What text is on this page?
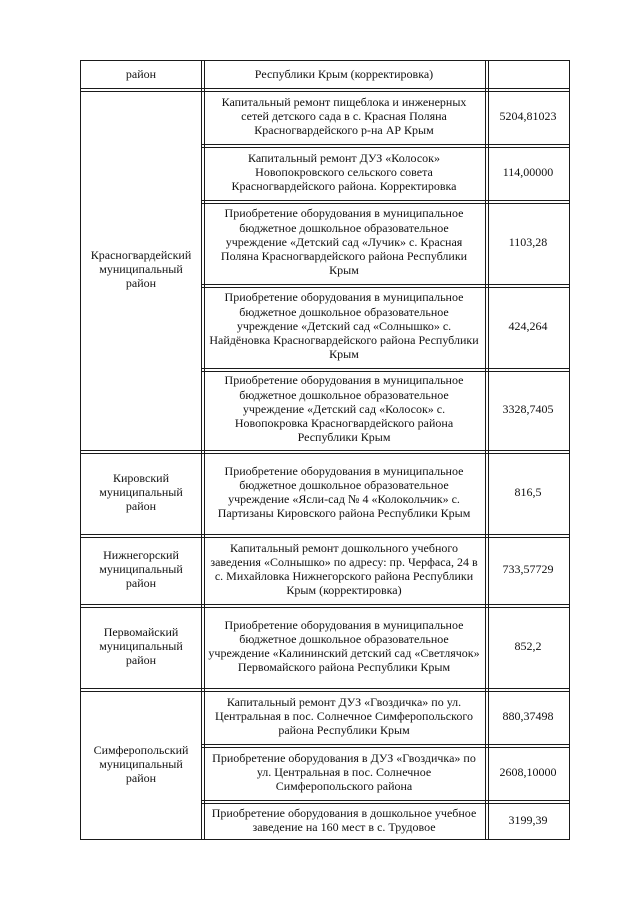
район	Республики Крым (корректировка)
Красногвардейский муниципальный район
Кировский муниципальный район
Нижнегорский муниципальный район
Первомайский муниципальный район
Симферопольский муниципальный район
Капитальный ремонт пищеблока и инженерных сетей детского сада в с. Красная Поляна Красногвардейского р-на АР Крым
5204,81023
Капитальный ремонт ДУЗ «Колосок» Новопокровского сельского совета Красногвардейского района. Корректировка
114,00000
Приобретение оборудования в муниципальное бюджетное дошкольное образовательное учреждение «Детский сад «Лучик» с. Красная Поляна Красногвардейского района Республики Крым
1103,28
Приобретение оборудования в муниципальное бюджетное дошкольное образовательное учреждение «Детский сад «Солнышко» с. Найдёновка Красногвардейского района Республики Крым
424,264
Приобретение оборудования в муниципальное бюджетное дошкольное образовательное учреждение «Детский сад «Колосок» с. Новопокровка Красногвардейского района Республики Крым
3328,7405
Приобретение оборудования в муниципальное бюджетное дошкольное образовательное учреждение «Ясли-сад № 4 «Колокольчик» с. Партизаны Кировского района Республики Крым
816,5
Капитальный ремонт дошкольного учебного заведения «Солнышко» по адресу: пр. Черфаса, 24 в с. Михайловка Нижнегорского района Республики Крым (корректировка)
733,57729
Приобретение оборудования в муниципальное бюджетное дошкольное образовательное учреждение «Калининский детский сад «Светлячок» Первомайского района Республики Крым
852,2
Капитальный ремонт ДУЗ «Гвоздичка» по ул. Центральная в пос. Солнечное Симферопольского района Республики Крым
880,37498
Приобретение оборудования в ДУЗ «Гвоздичка» по ул. Центральная в пос. Солнечное Симферопольского района
2608,10000
Приобретение оборудования в дошкольное учебное заведение на 160 мест в с. Трудовое
3199,39
